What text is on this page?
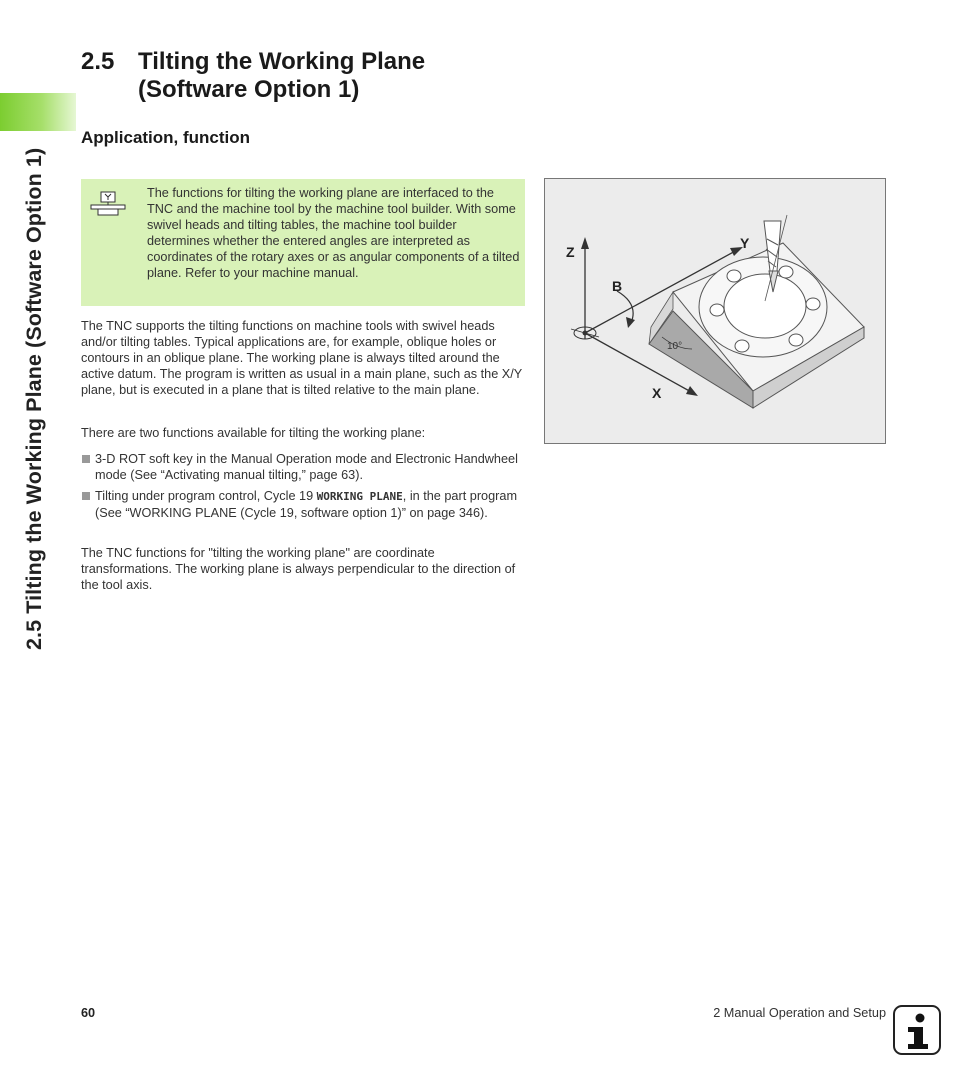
2.5 Tilting the Working Plane (Software Option 1)
2.5 Tilting the Working Plane
(Software Option 1)
Application, function
The functions for tilting the working plane are interfaced to the TNC and the machine tool by the machine tool builder. With some swivel heads and tilting tables, the machine tool builder determines whether the entered angles are interpreted as coordinates of the rotary axes or as angular components of a tilted plane. Refer to your machine manual.

The TNC supports the tilting functions on machine tools with swivel heads and/or tilting tables. Typical applications are, for example, oblique holes or contours in an oblique plane. The working plane is always tilted around the active datum. The program is written as usual in a main plane, such as the X/Y plane, but is executed in a plane that is tilted relative to the main plane.

There are two functions available for tilting the working plane:

3-D ROT soft key in the Manual Operation mode and Electronic Handwheel mode (See “Activating manual tilting,” page 63).
Tilting under program control, Cycle 19 WORKING PLANE, in the part program (See “WORKING PLANE (Cycle 19, software option 1)” on page 346).

The TNC functions for "tilting the working plane" are coordinate transformations. The working plane is always perpendicular to the direction of the tool axis.

Z
Y
X
B
10°
60	2 Manual Operation and Setup
